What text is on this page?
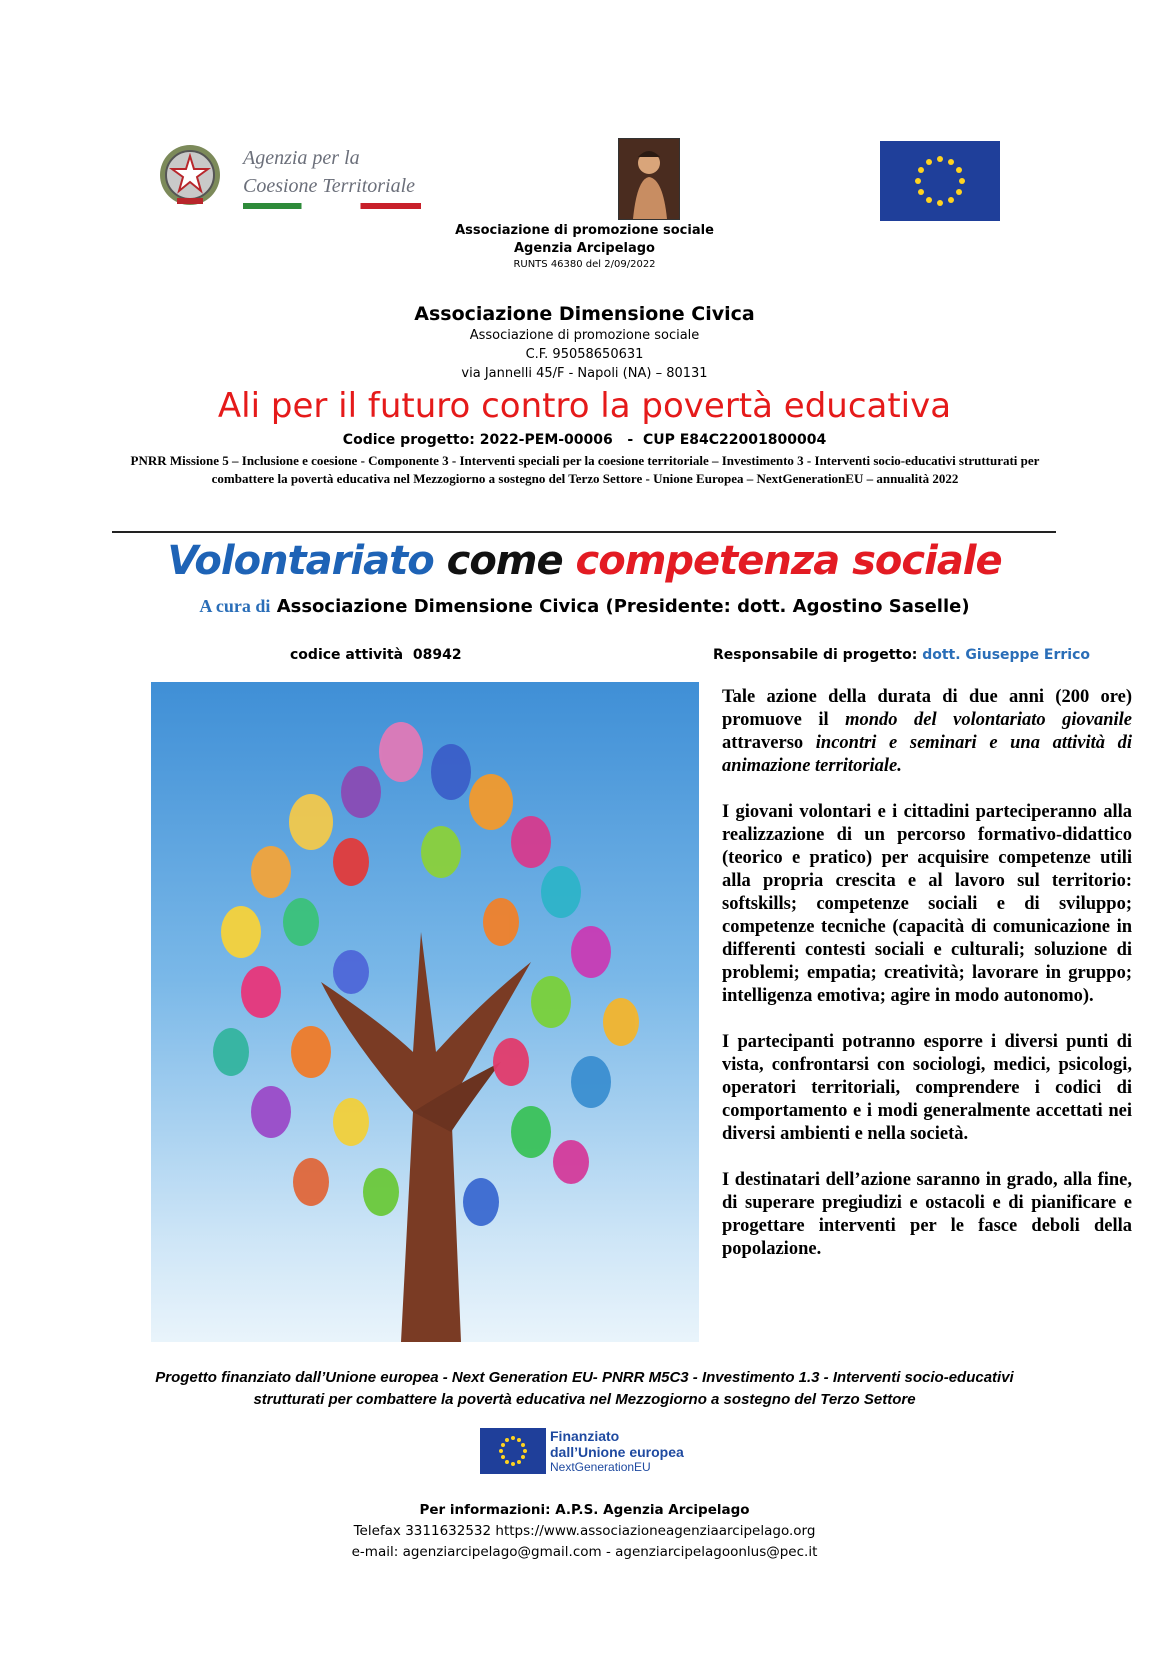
Agenzia per la
Coesione Territoriale
Associazione di promozione sociale
Agenzia Arcipelago
RUNTS 46380 del 2/09/2022
Associazione Dimensione Civica
Associazione di promozione sociale
C.F. 95058650631
via Jannelli 45/F - Napoli (NA) – 80131
Ali per il futuro contro la povertà educativa
Codice progetto: 2022-PEM-00006   -  CUP E84C22001800004
PNRR Missione 5 – Inclusione e coesione - Componente 3 - Interventi speciali per la coesione territoriale – Investimento 3 - Interventi socio-educativi strutturati per combattere la povertà educativa nel Mezzogiorno a sostegno del Terzo Settore - Unione Europea – NextGenerationEU – annualità 2022
Volontariato come competenza sociale
A cura di Associazione Dimensione Civica (Presidente: dott. Agostino Saselle)
codice attività  08942	Responsabile di progetto: dott. Giuseppe Errico

Tale azione della durata di due anni (200 ore) promuove il mondo del volontariato giovanile attraverso incontri e seminari e una attività di animazione territoriale.

I giovani volontari e i cittadini parteciperanno alla realizzazione di un percorso formativo-didattico (teorico e pratico) per acquisire competenze utili alla propria crescita e al lavoro sul territorio: softskills; competenze sociali e di sviluppo; competenze tecniche (capacità di comunicazione in differenti contesti sociali e culturali; soluzione di problemi; empatia; creatività; lavorare in gruppo; intelligenza emotiva; agire in modo autonomo).

I partecipanti potranno esporre i diversi punti di vista, confrontarsi con sociologi, medici, psicologi, operatori territoriali, comprendere i codici di comportamento e i modi generalmente accettati nei diversi ambienti e nella società.

I destinatari dell’azione saranno in grado, alla fine, di superare pregiudizi e ostacoli e di pianificare e progettare interventi per le fasce deboli della popolazione.

Progetto finanziato dall’Unione europea - Next Generation EU- PNRR M5C3 - Investimento 1.3 - Interventi socio-educativi
strutturati per combattere la povertà educativa nel Mezzogiorno a sostegno del Terzo Settore
Finanziato
dall’Unione europea
NextGenerationEU
Per informazioni: A.P.S. Agenzia Arcipelago
Telefax 3311632532 https://www.associazioneagenziaarcipelago.org
e-mail: agenziarcipelago@gmail.com - agenziarcipelagoonlus@pec.it
